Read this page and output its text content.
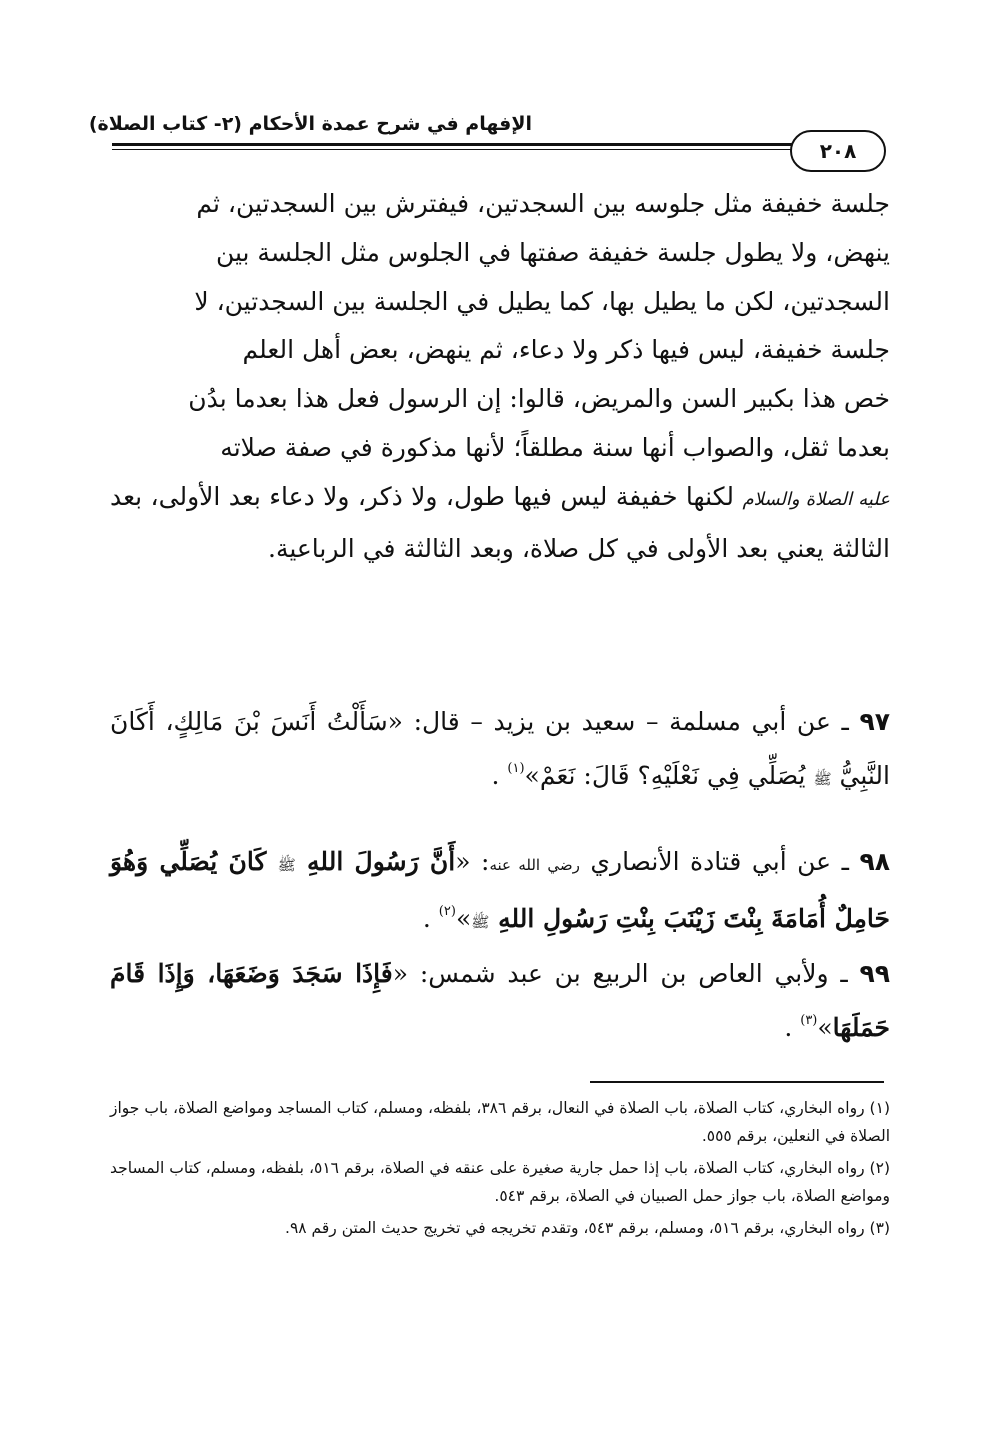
الإفهام في شرح عمدة الأحكام (٢- كتاب الصلاة)
٢٠٨

جلسة خفيفة مثل جلوسه بين السجدتين، فيفترش بين السجدتين، ثم

ينهض، ولا يطول جلسة خفيفة صفتها في الجلوس مثل الجلسة بين

السجدتين، لكن ما يطيل بها، كما يطيل في الجلسة بين السجدتين، لا

جلسة خفيفة، ليس فيها ذكر ولا دعاء، ثم ينهض، بعض أهل العلم

خص هذا بكبير السن والمريض، قالوا: إن الرسول فعل هذا بعدما بدُن

بعدما ثقل، والصواب أنها سنة مطلقاً؛ لأنها مذكورة في صفة صلاته

عليه الصلاة والسلام لكنها خفيفة ليس فيها طول، ولا ذكر، ولا دعاء بعد الأولى، بعد الثالثة يعني بعد الأولى في كل صلاة، وبعد الثالثة في الرباعية.

٩٧ ـ عن أبي مسلمة – سعيد بن يزيد – قال: «سَأَلْتُ أَنَسَ بْنَ مَالِكٍ، أَكَانَ النَّبِيُّ ﷺ يُصَلِّي فِي نَعْلَيْهِ؟ قَالَ: نَعَمْ»$^{(١)}$ .

٩٨ ـ عن أبي قتادة الأنصاري رضي الله عنه: «أَنَّ رَسُولَ اللهِ ﷺ كَانَ يُصَلِّي وَهُوَ حَامِلٌ أُمَامَةَ بِنْتَ زَيْنَبَ بِنْتِ رَسُولِ اللهِ ﷺ»$^{(٢)}$ .

٩٩ ـ ولأبي العاص بن الربيع بن عبد شمس: «فَإِذَا سَجَدَ وَضَعَهَا، وَإِذَا قَامَ حَمَلَهَا»$^{(٣)}$ .

(١) رواه البخاري، كتاب الصلاة، باب الصلاة في النعال، برقم ٣٨٦، بلفظه، ومسلم، كتاب المساجد ومواضع الصلاة، باب جواز الصلاة في النعلين، برقم ٥٥٥.

(٢) رواه البخاري، كتاب الصلاة، باب إذا حمل جارية صغيرة على عنقه في الصلاة، برقم ٥١٦، بلفظه، ومسلم، كتاب المساجد ومواضع الصلاة، باب جواز حمل الصبيان في الصلاة، برقم ٥٤٣.

(٣) رواه البخاري، برقم ٥١٦، ومسلم، برقم ٥٤٣، وتقدم تخريجه في تخريج حديث المتن رقم ٩٨.
